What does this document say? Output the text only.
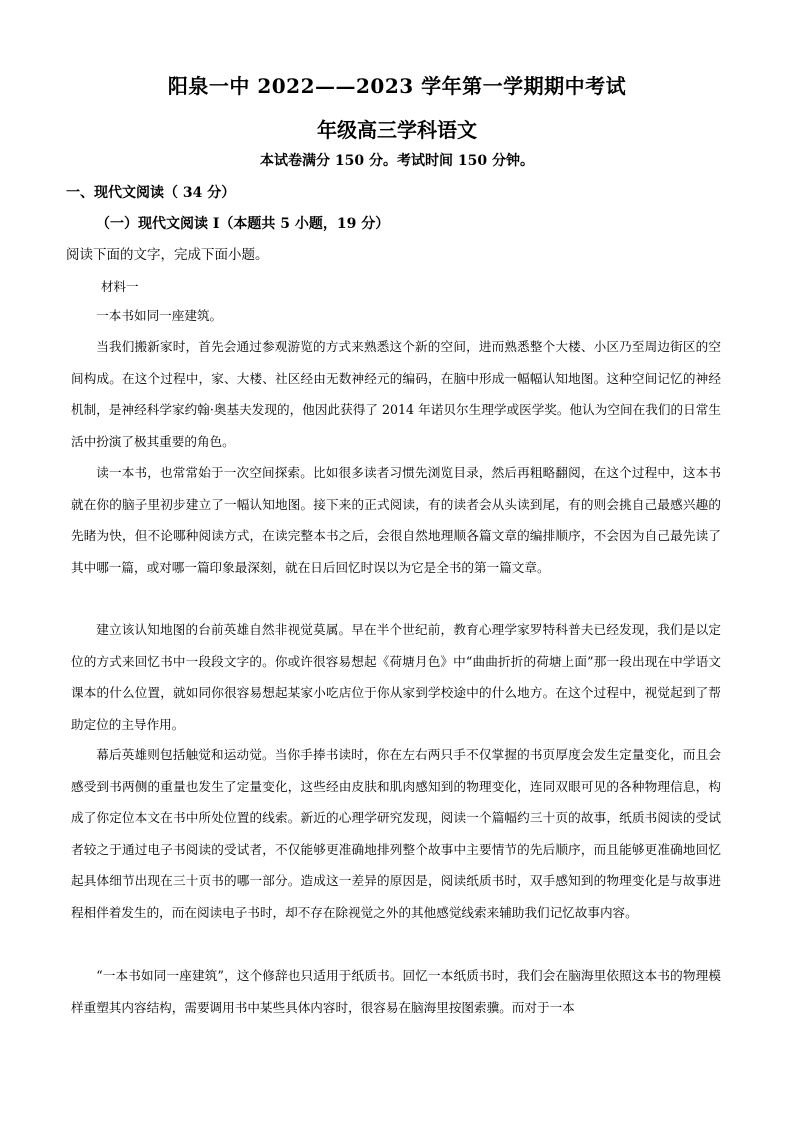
阳泉一中 2022——2023 学年第一学期期中考试
年级高三学科语文
本试卷满分 150 分。考试时间 150 分钟。
一、现代文阅读（ 34 分）
（一）现代文阅读 Ⅰ（本题共 5 小题，19 分）
阅读下面的文字，完成下面小题。
材料一

一本书如同一座建筑。

当我们搬新家时，首先会通过参观游览的方式来熟悉这个新的空间，进而熟悉整个大楼、小区乃至周边街区的空间构成。在这个过程中，家、大楼、社区经由无数神经元的编码，在脑中形成一幅幅认知地图。这种空间记忆的神经机制，是神经科学家约翰·奥基夫发现的，他因此获得了 2014 年诺贝尔生理学或医学奖。他认为空间在我们的日常生活中扮演了极其重要的角色。

读一本书，也常常始于一次空间探索。比如很多读者习惯先浏览目录，然后再粗略翻阅，在这个过程中，这本书就在你的脑子里初步建立了一幅认知地图。接下来的正式阅读，有的读者会从头读到尾，有的则会挑自己最感兴趣的先睹为快，但不论哪种阅读方式，在读完整本书之后，会很自然地理顺各篇文章的编排顺序，不会因为自己最先读了其中哪一篇，或对哪一篇印象最深刻，就在日后回忆时误以为它是全书的第一篇文章。

建立该认知地图的台前英雄自然非视觉莫属。早在半个世纪前，教育心理学家罗特科普夫已经发现，我们是以定位的方式来回忆书中一段段文字的。你或许很容易想起《荷塘月色》中“曲曲折折的荷塘上面”那一段出现在中学语文课本的什么位置，就如同你很容易想起某家小吃店位于你从家到学校途中的什么地方。在这个过程中，视觉起到了帮助定位的主导作用。

幕后英雄则包括触觉和运动觉。当你手捧书读时，你在左右两只手不仅掌握的书页厚度会发生定量变化，而且会感受到书两侧的重量也发生了定量变化，这些经由皮肤和肌肉感知到的物理变化，连同双眼可见的各种物理信息，构成了你定位本文在书中所处位置的线索。新近的心理学研究发现，阅读一个篇幅约三十页的故事，纸质书阅读的受试者较之于通过电子书阅读的受试者，不仅能够更准确地排列整个故事中主要情节的先后顺序，而且能够更准确地回忆起具体细节出现在三十页书的哪一部分。造成这一差异的原因是，阅读纸质书时，双手感知到的物理变化是与故事进程相伴着发生的，而在阅读电子书时，却不存在除视觉之外的其他感觉线索来辅助我们记忆故事内容。

“一本书如同一座建筑”，这个修辞也只适用于纸质书。回忆一本纸质书时，我们会在脑海里依照这本书的物理模样重塑其内容结构，需要调用书中某些具体内容时，很容易在脑海里按图索骥。而对于一本
